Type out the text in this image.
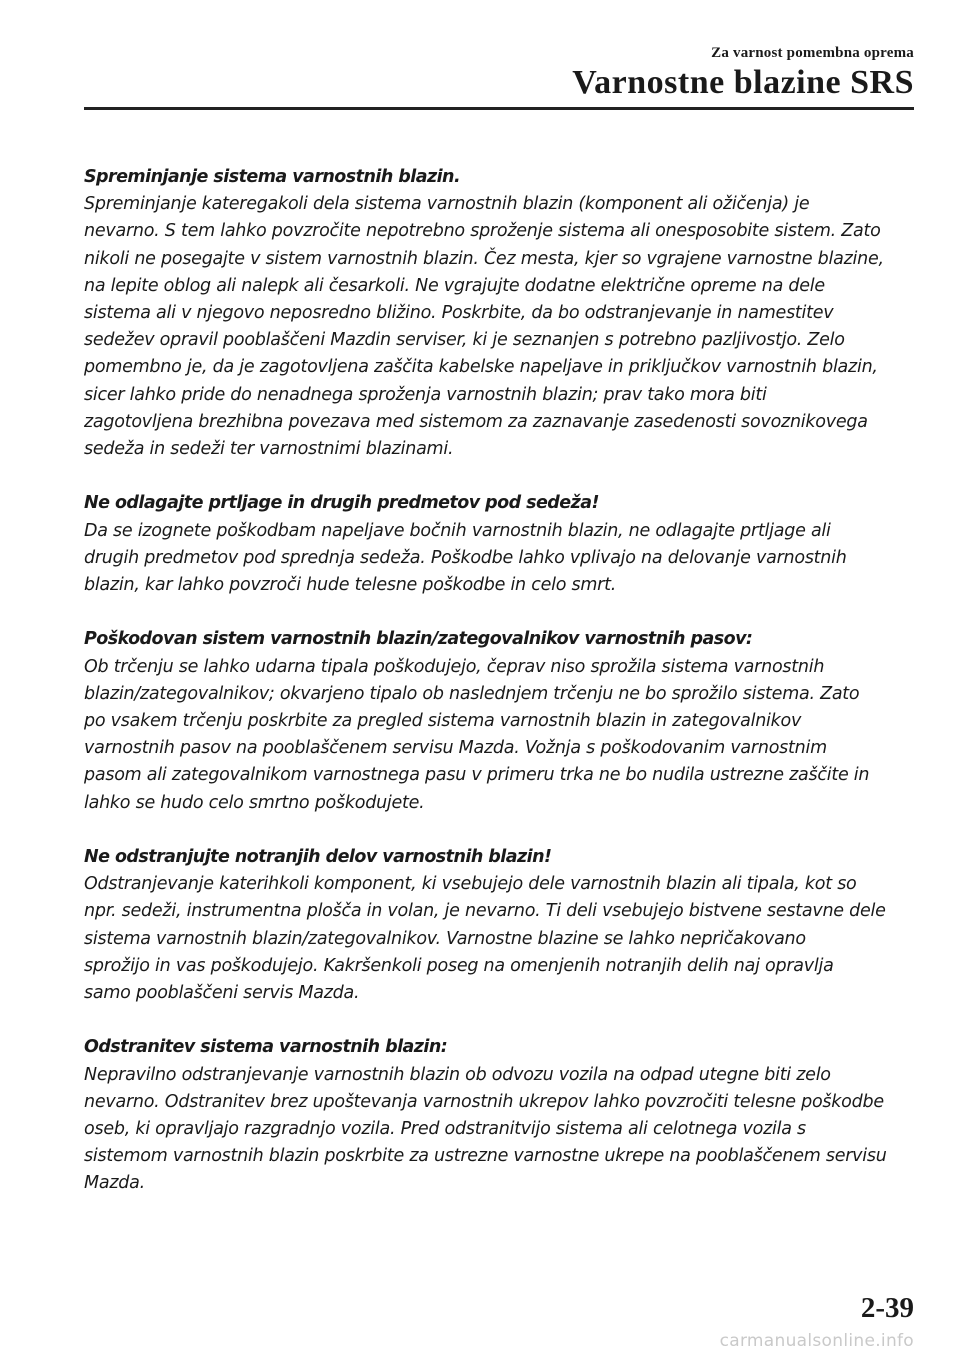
Za varnost pomembna oprema
Varnostne blazine SRS
Spreminjanje sistema varnostnih blazin.
Spreminjanje kateregakoli dela sistema varnostnih blazin (komponent ali ožičenja) je
nevarno. S tem lahko povzročite nepotrebno sproženje sistema ali onesposobite sistem. Zato
nikoli ne posegajte v sistem varnostnih blazin. Čez mesta, kjer so vgrajene varnostne blazine,
na lepite oblog ali nalepk ali česarkoli. Ne vgrajujte dodatne električne opreme na dele
sistema ali v njegovo neposredno bližino. Poskrbite, da bo odstranjevanje in namestitev
sedežev opravil pooblaščeni Mazdin serviser, ki je seznanjen s potrebno pazljivostjo. Zelo
pomembno je, da je zagotovljena zaščita kabelske napeljave in priključkov varnostnih blazin,
sicer lahko pride do nenadnega sproženja varnostnih blazin; prav tako mora biti
zagotovljena brezhibna povezava med sistemom za zaznavanje zasedenosti sovoznikovega
sedeža in sedeži ter varnostnimi blazinami.
Ne odlagajte prtljage in drugih predmetov pod sedeža!
Da se izognete poškodbam napeljave bočnih varnostnih blazin, ne odlagajte prtljage ali
drugih predmetov pod sprednja sedeža. Poškodbe lahko vplivajo na delovanje varnostnih
blazin, kar lahko povzroči hude telesne poškodbe in celo smrt.
Poškodovan sistem varnostnih blazin/zategovalnikov varnostnih pasov:
Ob trčenju se lahko udarna tipala poškodujejo, čeprav niso sprožila sistema varnostnih
blazin/zategovalnikov; okvarjeno tipalo ob naslednjem trčenju ne bo sprožilo sistema. Zato
po vsakem trčenju poskrbite za pregled sistema varnostnih blazin in zategovalnikov
varnostnih pasov na pooblaščenem servisu Mazda. Vožnja s poškodovanim varnostnim
pasom ali zategovalnikom varnostnega pasu v primeru trka ne bo nudila ustrezne zaščite in
lahko se hudo celo smrtno poškodujete.
Ne odstranjujte notranjih delov varnostnih blazin!
Odstranjevanje katerihkoli komponent, ki vsebujejo dele varnostnih blazin ali tipala, kot so
npr. sedeži, instrumentna plošča in volan, je nevarno. Ti deli vsebujejo bistvene sestavne dele
sistema varnostnih blazin/zategovalnikov. Varnostne blazine se lahko nepričakovano
sprožijo in vas poškodujejo. Kakršenkoli poseg na omenjenih notranjih delih naj opravlja
samo pooblaščeni servis Mazda.
Odstranitev sistema varnostnih blazin:
Nepravilno odstranjevanje varnostnih blazin ob odvozu vozila na odpad utegne biti zelo
nevarno. Odstranitev brez upoštevanja varnostnih ukrepov lahko povzročiti telesne poškodbe
oseb, ki opravljajo razgradnjo vozila. Pred odstranitvijo sistema ali celotnega vozila s
sistemom varnostnih blazin poskrbite za ustrezne varnostne ukrepe na pooblaščenem servisu
Mazda.
2-39
carmanualsonline.info
